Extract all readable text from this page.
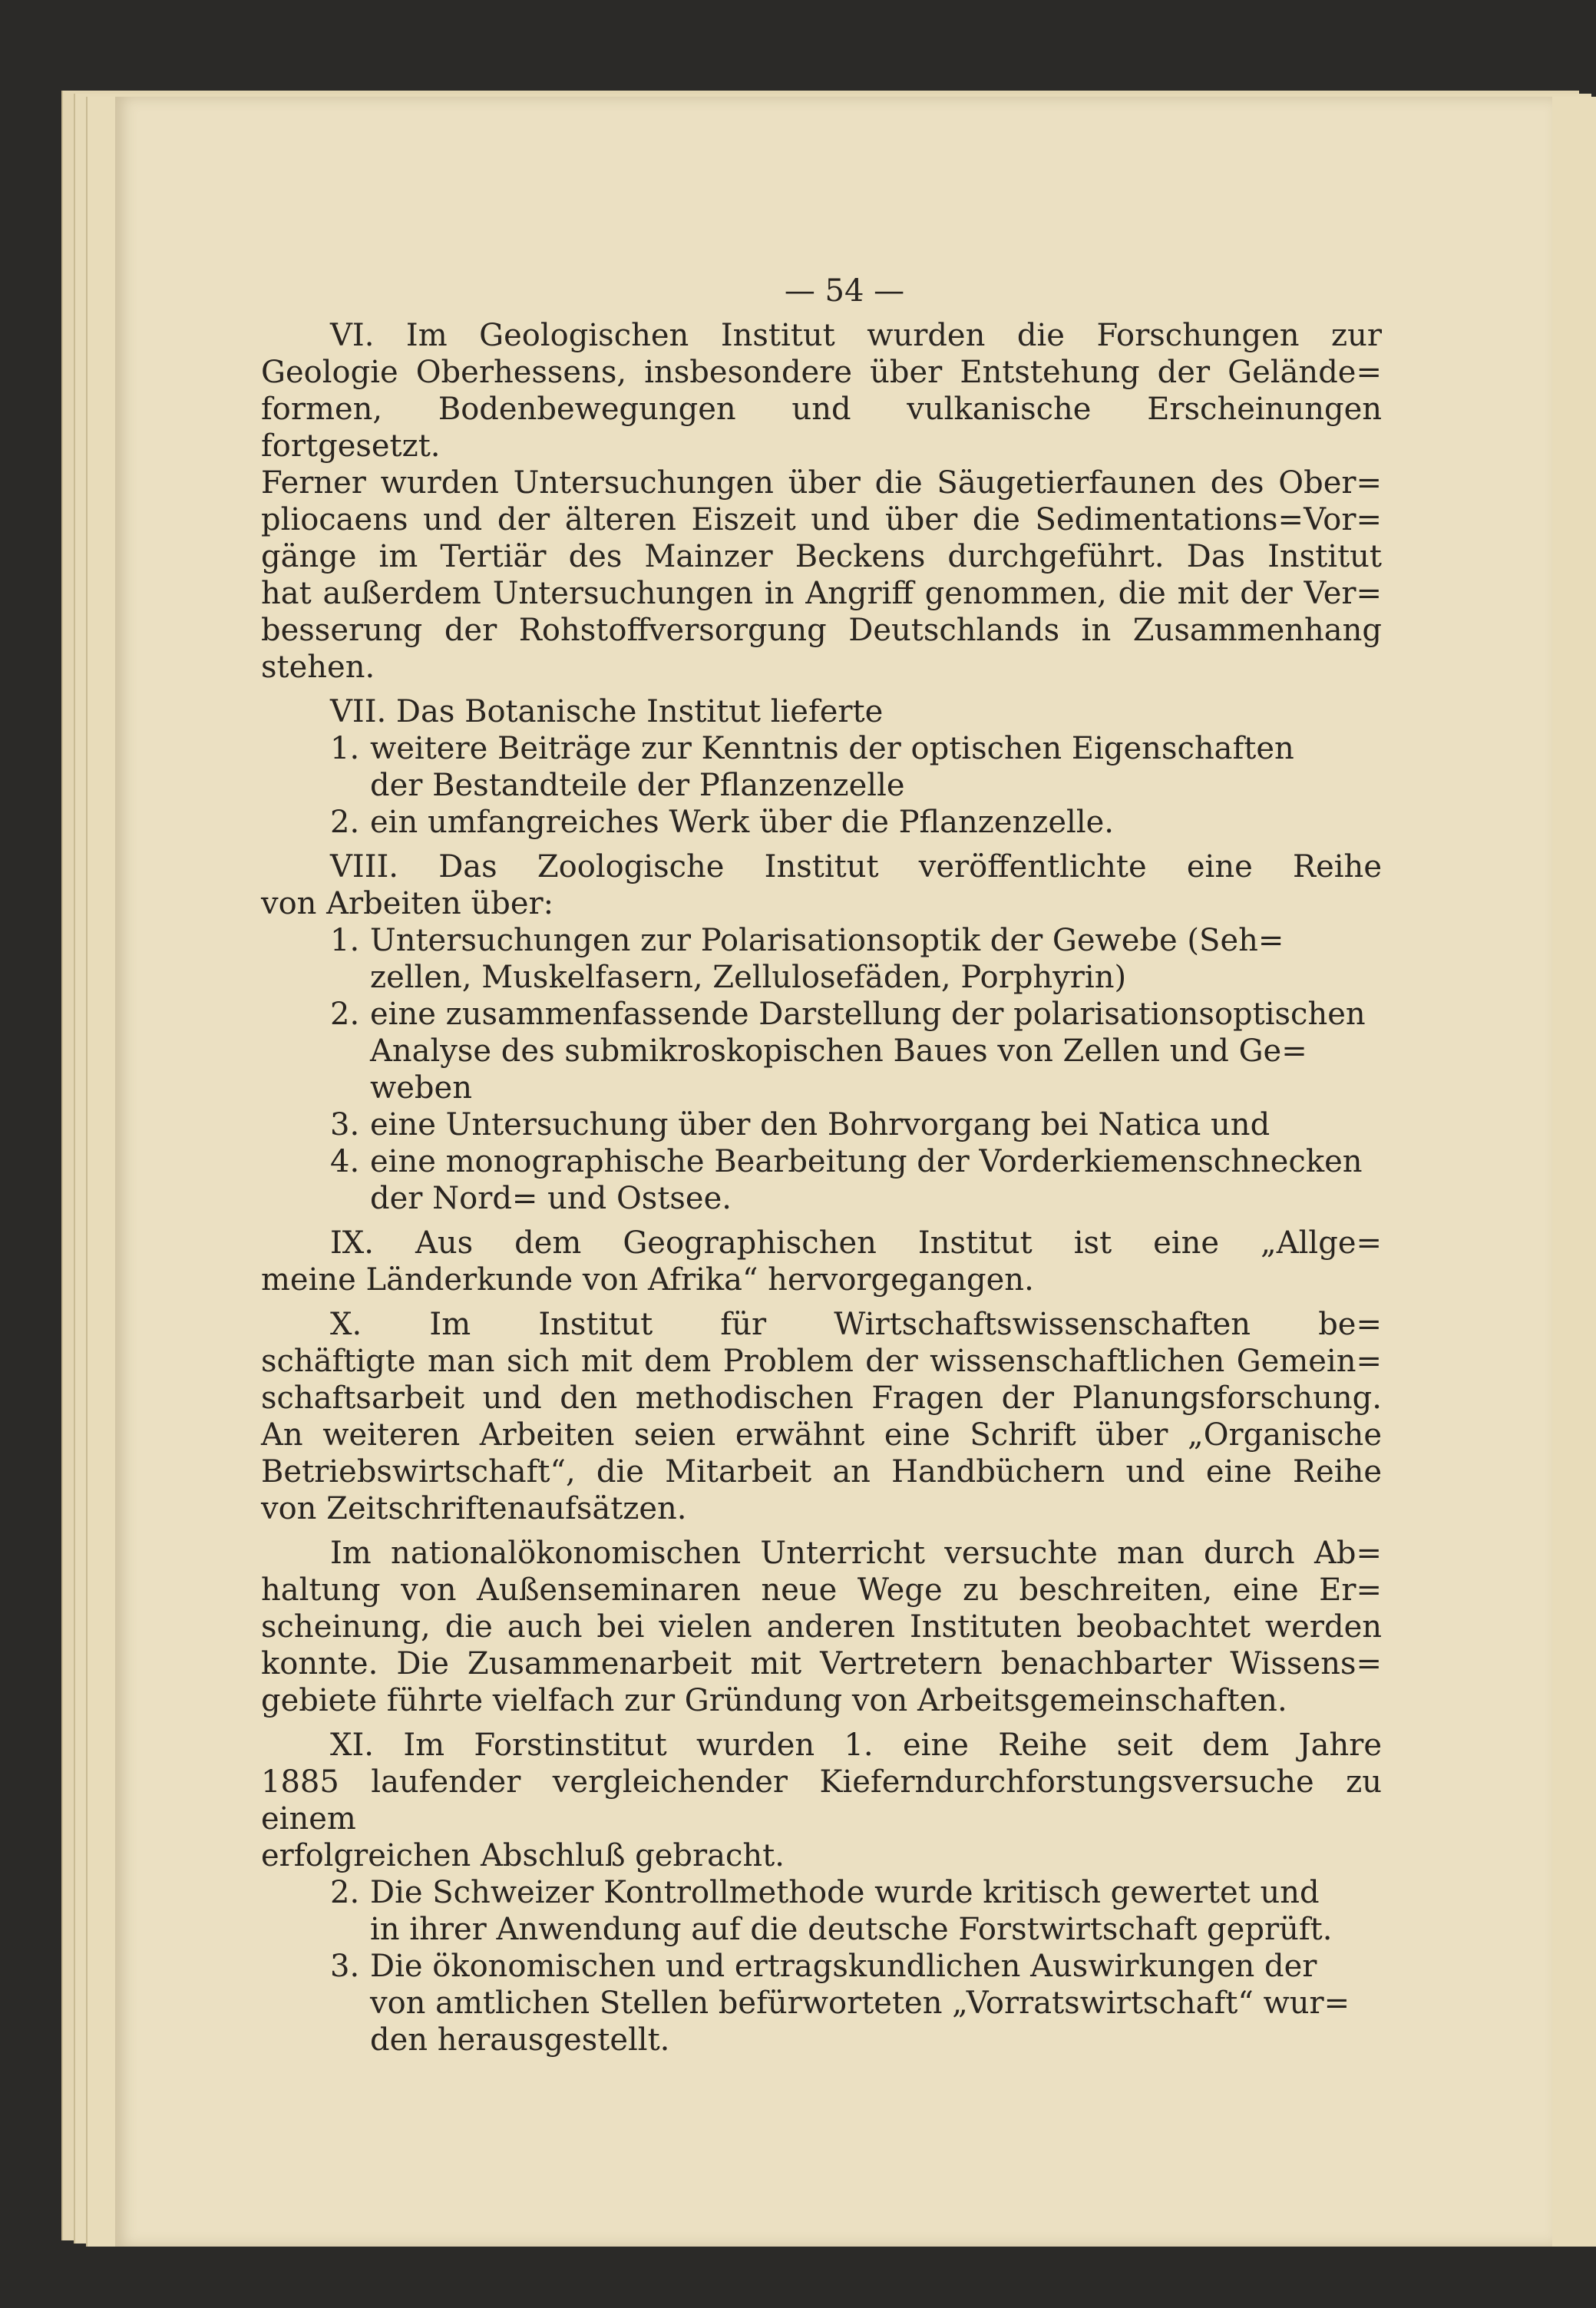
— 54 —
VI. Im Geologischen Institut wurden die Forschungen zur
Geologie Oberhessens, insbesondere über Entstehung der Gelände=
formen, Bodenbewegungen und vulkanische Erscheinungen fortgesetzt.
Ferner wurden Untersuchungen über die Säugetierfaunen des Ober=
pliocaens und der älteren Eiszeit und über die Sedimentations=Vor=
gänge im Tertiär des Mainzer Beckens durchgeführt. Das Institut
hat außerdem Untersuchungen in Angriff genommen, die mit der Ver=
besserung der Rohstoffversorgung Deutschlands in Zusammenhang
stehen.
VII. Das Botanische Institut lieferte
1. weitere Beiträge zur Kenntnis der optischen Eigenschaften
der Bestandteile der Pflanzenzelle
2. ein umfangreiches Werk über die Pflanzenzelle.
VIII. Das Zoologische Institut veröffentlichte eine Reihe
von Arbeiten über:
1. Untersuchungen zur Polarisationsoptik der Gewebe (Seh=
zellen, Muskelfasern, Zellulosefäden, Porphyrin)
2. eine zusammenfassende Darstellung der polarisationsoptischen
Analyse des submikroskopischen Baues von Zellen und Ge=
weben
3. eine Untersuchung über den Bohrvorgang bei Natica und
4. eine monographische Bearbeitung der Vorderkiemenschnecken
der Nord= und Ostsee.
IX. Aus dem Geographischen Institut ist eine „Allge=
meine Länderkunde von Afrika“ hervorgegangen.
X. Im Institut für Wirtschaftswissenschaften be=
schäftigte man sich mit dem Problem der wissenschaftlichen Gemein=
schaftsarbeit und den methodischen Fragen der Planungsforschung.
An weiteren Arbeiten seien erwähnt eine Schrift über „Organische
Betriebswirtschaft“, die Mitarbeit an Handbüchern und eine Reihe
von Zeitschriftenaufsätzen.
Im nationalökonomischen Unterricht versuchte man durch Ab=
haltung von Außenseminaren neue Wege zu beschreiten, eine Er=
scheinung, die auch bei vielen anderen Instituten beobachtet werden
konnte. Die Zusammenarbeit mit Vertretern benachbarter Wissens=
gebiete führte vielfach zur Gründung von Arbeitsgemeinschaften.
XI. Im Forstinstitut wurden 1. eine Reihe seit dem Jahre
1885 laufender vergleichender Kieferndurchforstungsversuche zu einem
erfolgreichen Abschluß gebracht.
2. Die Schweizer Kontrollmethode wurde kritisch gewertet und
in ihrer Anwendung auf die deutsche Forstwirtschaft geprüft.
3. Die ökonomischen und ertragskundlichen Auswirkungen der
von amtlichen Stellen befürworteten „Vorratswirtschaft“ wur=
den herausgestellt.
